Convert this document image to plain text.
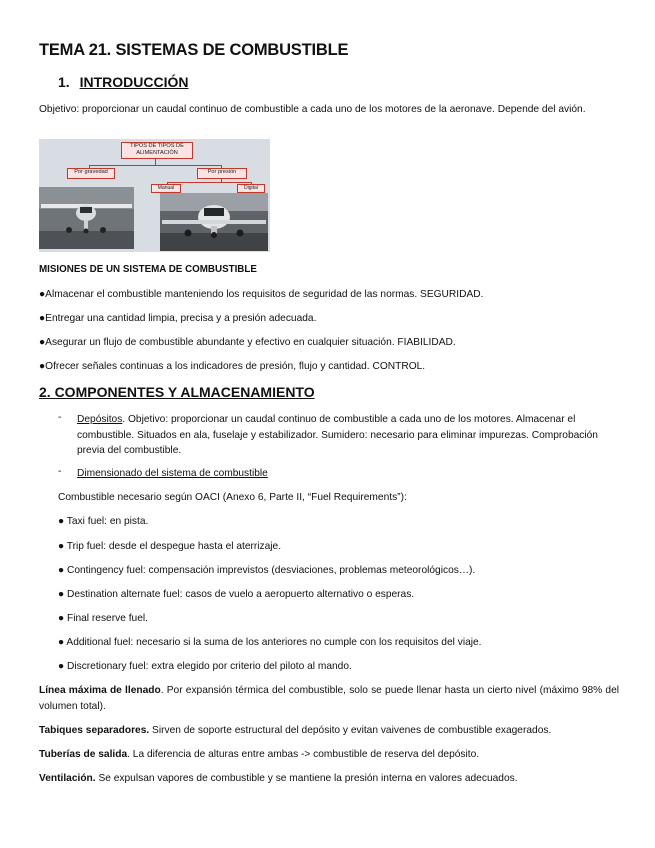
TEMA 21. SISTEMAS DE COMBUSTIBLE
1. INTRODUCCIÓN
Objetivo: proporcionar un caudal continuo de combustible a cada uno de los motores de la aeronave. Depende del avión.
TIPOS DE TIPOS DE ALIMENTACIÓN
Por gravedad	Por presión
Manual	Digital
MISIONES DE UN SISTEMA DE COMBUSTIBLE
●Almacenar el combustible manteniendo los requisitos de seguridad de las normas. SEGURIDAD.
●Entregar una cantidad limpia, precisa y a presión adecuada.
●Asegurar un flujo de combustible abundante y efectivo en cualquier situación. FIABILIDAD.
●Ofrecer señales continuas a los indicadores de presión, flujo y cantidad. CONTROL.
2. COMPONENTES Y ALMACENAMIENTO
- Depósitos. Objetivo: proporcionar un caudal continuo de combustible a cada uno de los motores. Almacenar el combustible. Situados en ala, fuselaje y estabilizador. Sumidero: necesario para eliminar impurezas. Comprobación previa del combustible.
- Dimensionado del sistema de combustible
Combustible necesario según OACI (Anexo 6, Parte II, “Fuel Requirements”):
● Taxi fuel: en pista.
● Trip fuel: desde el despegue hasta el aterrizaje.
● Contingency fuel: compensación imprevistos (desviaciones, problemas meteorológicos…).
● Destination alternate fuel: casos de vuelo a aeropuerto alternativo o esperas.
● Final reserve fuel.
● Additional fuel: necesario si la suma de los anteriores no cumple con los requisitos del viaje.
● Discretionary fuel: extra elegido por criterio del piloto al mando.
Línea máxima de llenado. Por expansión térmica del combustible, solo se puede llenar hasta un cierto nivel (máximo 98% del volumen total).
Tabiques separadores. Sirven de soporte estructural del depósito y evitan vaivenes de combustible exagerados.
Tuberías de salida. La diferencia de alturas entre ambas -> combustible de reserva del depósito.
Ventilación. Se expulsan vapores de combustible y se mantiene la presión interna en valores adecuados.
